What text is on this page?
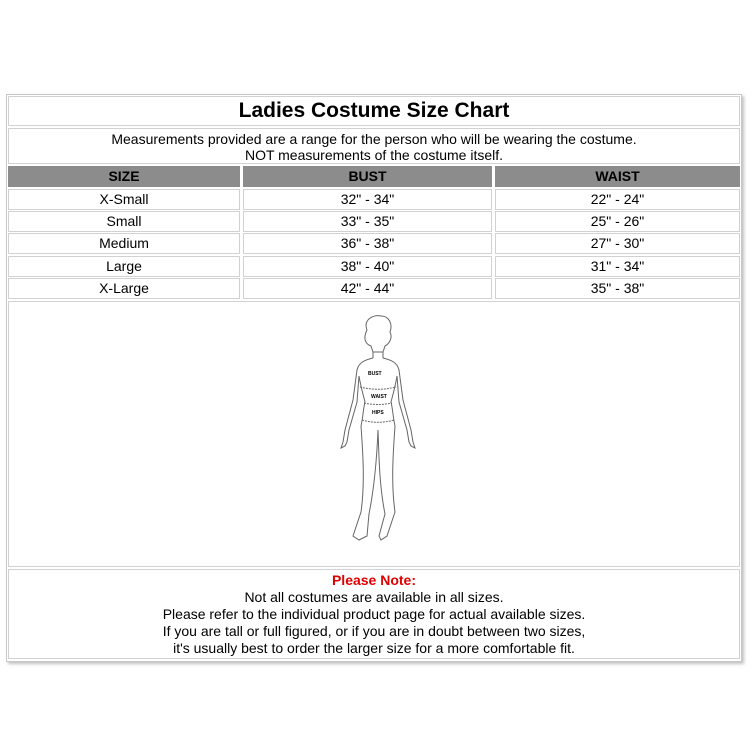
Ladies Costume Size Chart
Measurements provided are a range for the person who will be wearing the costume.
NOT measurements of the costume itself.
SIZE	BUST	WAIST
X-Small	32" - 34"	22" - 24"
Small	33" - 35"	25" - 26"
Medium	36" - 38"	27" - 30"
Large	38" - 40"	31" - 34"
X-Large	42" - 44"	35" - 38"
BUST
WAIST
HIPS
Please Note:
Not all costumes are available in all sizes.
Please refer to the individual product page for actual available sizes.
If you are tall or full figured, or if you are in doubt between two sizes,
it's usually best to order the larger size for a more comfortable fit.
